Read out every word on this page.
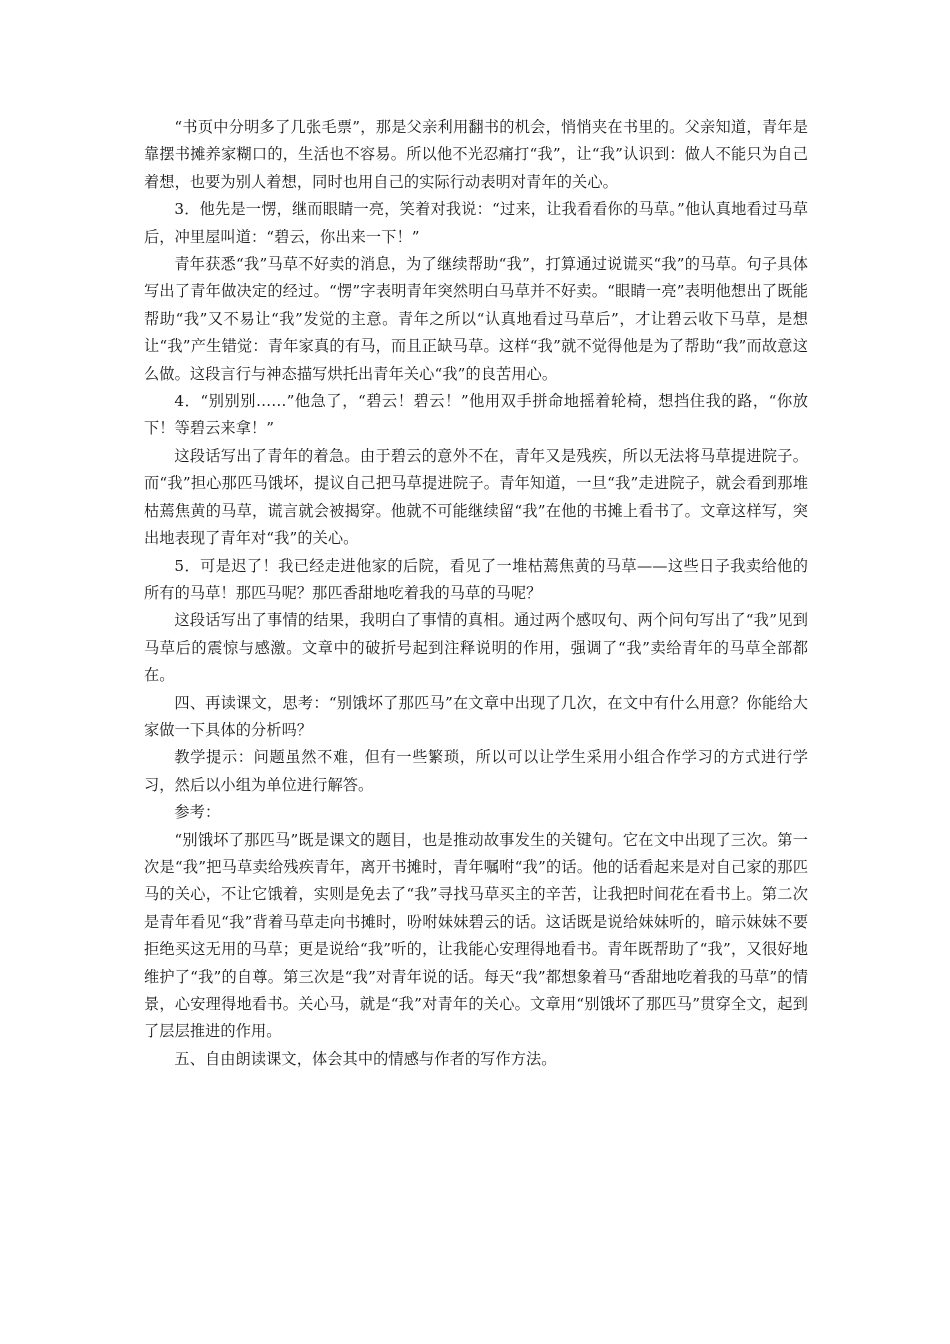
“书页中分明多了几张毛票”，那是父亲利用翻书的机会，悄悄夹在书里的。父亲知道，青年是靠摆书摊养家糊口的，生活也不容易。所以他不光忍痛打“我”，让“我”认识到：做人不能只为自己着想，也要为别人着想，同时也用自己的实际行动表明对青年的关心。

3．他先是一愣，继而眼睛一亮，笑着对我说：“过来，让我看看你的马草。”他认真地看过马草后，冲里屋叫道：“碧云，你出来一下！”

青年获悉“我”马草不好卖的消息，为了继续帮助“我”，打算通过说谎买“我”的马草。句子具体写出了青年做决定的经过。“愣”字表明青年突然明白马草并不好卖。“眼睛一亮”表明他想出了既能帮助“我”又不易让“我”发觉的主意。青年之所以“认真地看过马草后”，才让碧云收下马草，是想让“我”产生错觉：青年家真的有马，而且正缺马草。这样“我”就不觉得他是为了帮助“我”而故意这么做。这段言行与神态描写烘托出青年关心“我”的良苦用心。

4．“别别别……”他急了，“碧云！碧云！”他用双手拼命地摇着轮椅，想挡住我的路，“你放下！等碧云来拿！”

这段话写出了青年的着急。由于碧云的意外不在，青年又是残疾，所以无法将马草提进院子。而“我”担心那匹马饿坏，提议自己把马草提进院子。青年知道，一旦“我”走进院子，就会看到那堆枯蔫焦黄的马草，谎言就会被揭穿。他就不可能继续留“我”在他的书摊上看书了。文章这样写，突出地表现了青年对“我”的关心。

5．可是迟了！我已经走进他家的后院，看见了一堆枯蔫焦黄的马草——这些日子我卖给他的所有的马草！那匹马呢？那匹香甜地吃着我的马草的马呢？

这段话写出了事情的结果，我明白了事情的真相。通过两个感叹句、两个问句写出了“我”见到马草后的震惊与感激。文章中的破折号起到注释说明的作用，强调了“我”卖给青年的马草全部都在。

四、再读课文，思考：“别饿坏了那匹马”在文章中出现了几次，在文中有什么用意？你能给大家做一下具体的分析吗？

教学提示：问题虽然不难，但有一些繁琐，所以可以让学生采用小组合作学习的方式进行学习，然后以小组为单位进行解答。

参考：

“别饿坏了那匹马”既是课文的题目，也是推动故事发生的关键句。它在文中出现了三次。第一次是“我”把马草卖给残疾青年，离开书摊时，青年嘱咐“我”的话。他的话看起来是对自己家的那匹马的关心，不让它饿着，实则是免去了“我”寻找马草买主的辛苦，让我把时间花在看书上。第二次是青年看见“我”背着马草走向书摊时，吩咐妹妹碧云的话。这话既是说给妹妹听的，暗示妹妹不要拒绝买这无用的马草；更是说给“我”听的，让我能心安理得地看书。青年既帮助了“我”，又很好地维护了“我”的自尊。第三次是“我”对青年说的话。每天“我”都想象着马“香甜地吃着我的马草”的情景，心安理得地看书。关心马，就是“我”对青年的关心。文章用“别饿坏了那匹马”贯穿全文，起到了层层推进的作用。

五、自由朗读课文，体会其中的情感与作者的写作方法。
